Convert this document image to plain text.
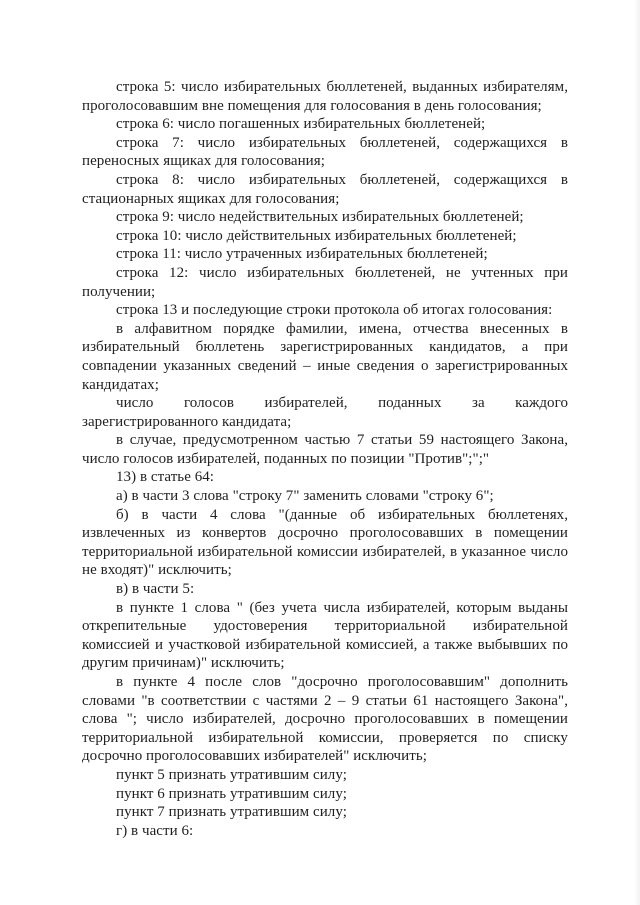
строка 5: число избирательных бюллетеней, выданных избирателям, проголосовавшим вне помещения для голосования в день голосования;

строка 6: число погашенных избирательных бюллетеней;

строка 7: число избирательных бюллетеней, содержащихся в переносных ящиках для голосования;

строка 8: число избирательных бюллетеней, содержащихся в стационарных ящиках для голосования;

строка 9: число недействительных избирательных бюллетеней;

строка 10: число действительных избирательных бюллетеней;

строка 11: число утраченных избирательных бюллетеней;

строка 12: число избирательных бюллетеней, не учтенных при получении;

строка 13 и последующие строки протокола об итогах голосования:

в алфавитном порядке фамилии, имена, отчества внесенных в избирательный бюллетень зарегистрированных кандидатов, а при совпадении указанных сведений – иные сведения о зарегистрированных кандидатах;

число голосов избирателей, поданных за каждого зарегистрированного кандидата;

в случае, предусмотренном частью 7 статьи 59 настоящего Закона, число голосов избирателей, поданных по позиции "Против";";"

13) в статье 64:

а) в части 3 слова "строку 7" заменить словами "строку 6";

б) в части 4 слова "(данные об избирательных бюллетенях, извлеченных из конвертов досрочно проголосовавших в помещении территориальной избирательной комиссии избирателей, в указанное число не входят)" исключить;

в) в части 5:

в пункте 1 слова " (без учета числа избирателей, которым выданы открепительные удостоверения территориальной избирательной комиссией и участковой избирательной комиссией, а также выбывших по другим причинам)" исключить;

в пункте 4 после слов "досрочно проголосовавшим" дополнить словами "в соответствии с частями 2 – 9 статьи 61 настоящего Закона", слова "; число избирателей, досрочно проголосовавших в помещении территориальной избирательной комиссии, проверяется по списку досрочно проголосовавших избирателей" исключить;

пункт 5 признать утратившим силу;

пункт 6 признать утратившим силу;

пункт 7 признать утратившим силу;

г) в части 6:
